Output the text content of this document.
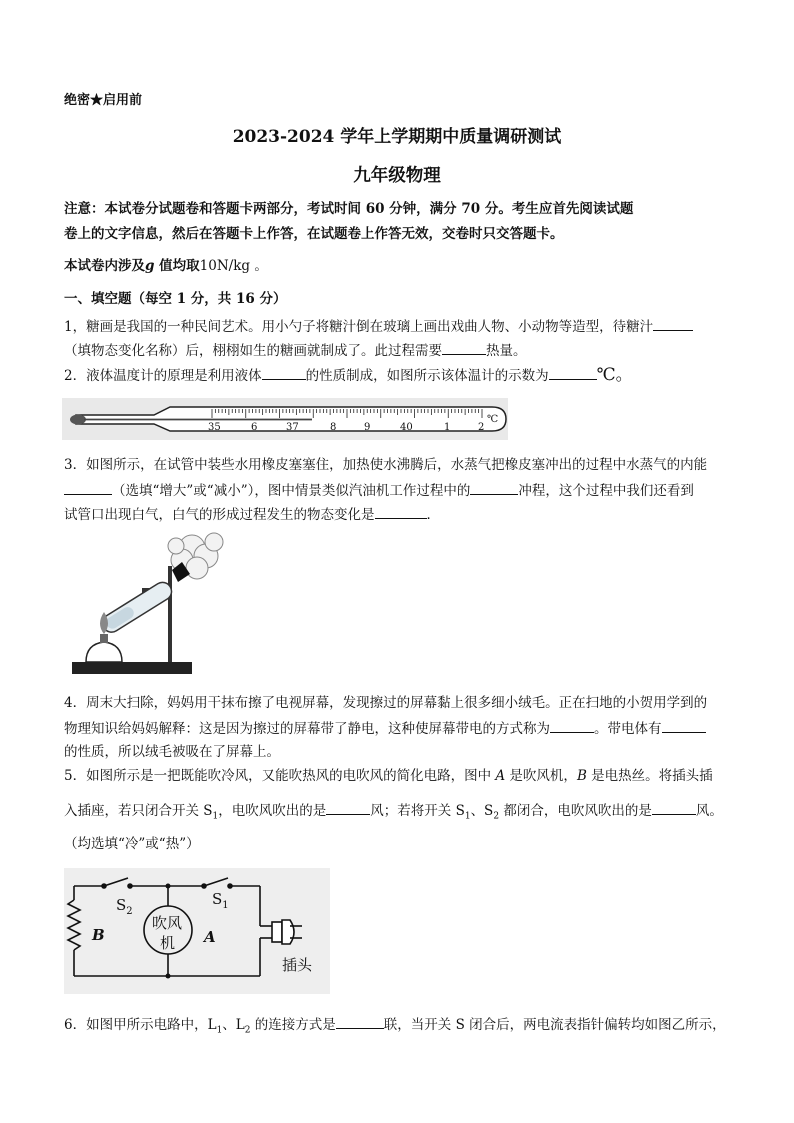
绝密★启用前
2023-2024 学年上学期期中质量调研测试
九年级物理
注意：本试卷分试题卷和答题卡两部分，考试时间 60 分钟，满分 70 分。考生应首先阅读试题
卷上的文字信息，然后在答题卡上作答，在试题卷上作答无效，交卷时只交答题卡。
本试卷内涉及g 值均取10N/kg 。
一、填空题（每空 1 分，共 16 分）
1，糖画是我国的一种民间艺术。用小勺子将糖汁倒在玻璃上画出戏曲人物、小动物等造型，待糖汁
（填物态变化名称）后，栩栩如生的糖画就制成了。此过程需要	热量。
2．液体温度计的原理是利用液体	的性质制成，如图所示该体温计的示数为	℃。
35	6	37	8	9	40	1	2
℃
3．如图所示，在试管中装些水用橡皮塞塞住，加热使水沸腾后，水蒸气把橡皮塞冲出的过程中水蒸气的内能
（选填“增大”或“减小”），图中情景类似汽油机工作过程中的	冲程，这个过程中我们还看到
试管口出现白气，白气的形成过程发生的物态变化是	．
4．周末大扫除，妈妈用干抹布擦了电视屏幕，发现擦过的屏幕黏上很多细小绒毛。正在扫地的小贺用学到的
物理知识给妈妈解释：这是因为擦过的屏幕带了静电，这种使屏幕带电的方式称为	。带电体有
的性质，所以绒毛被吸在了屏幕上。
5．如图所示是一把既能吹冷风，又能吹热风的电吹风的简化电路，图中 A 是吹风机，B 是电热丝。将插头插
入插座，若只闭合开关 $S_1$，电吹风吹出的是	风；若将开关 $S_1$、$S_2$ 都闭合，电吹风吹出的是	风。
（均选填“冷”或“热”）
$S_2$
$S_1$
B	A
吹风
机
插头
6．如图甲所示电路中，$L_1$、$L_2$ 的连接方式是	联，当开关 S 闭合后，两电流表指针偏转均如图乙所示，
